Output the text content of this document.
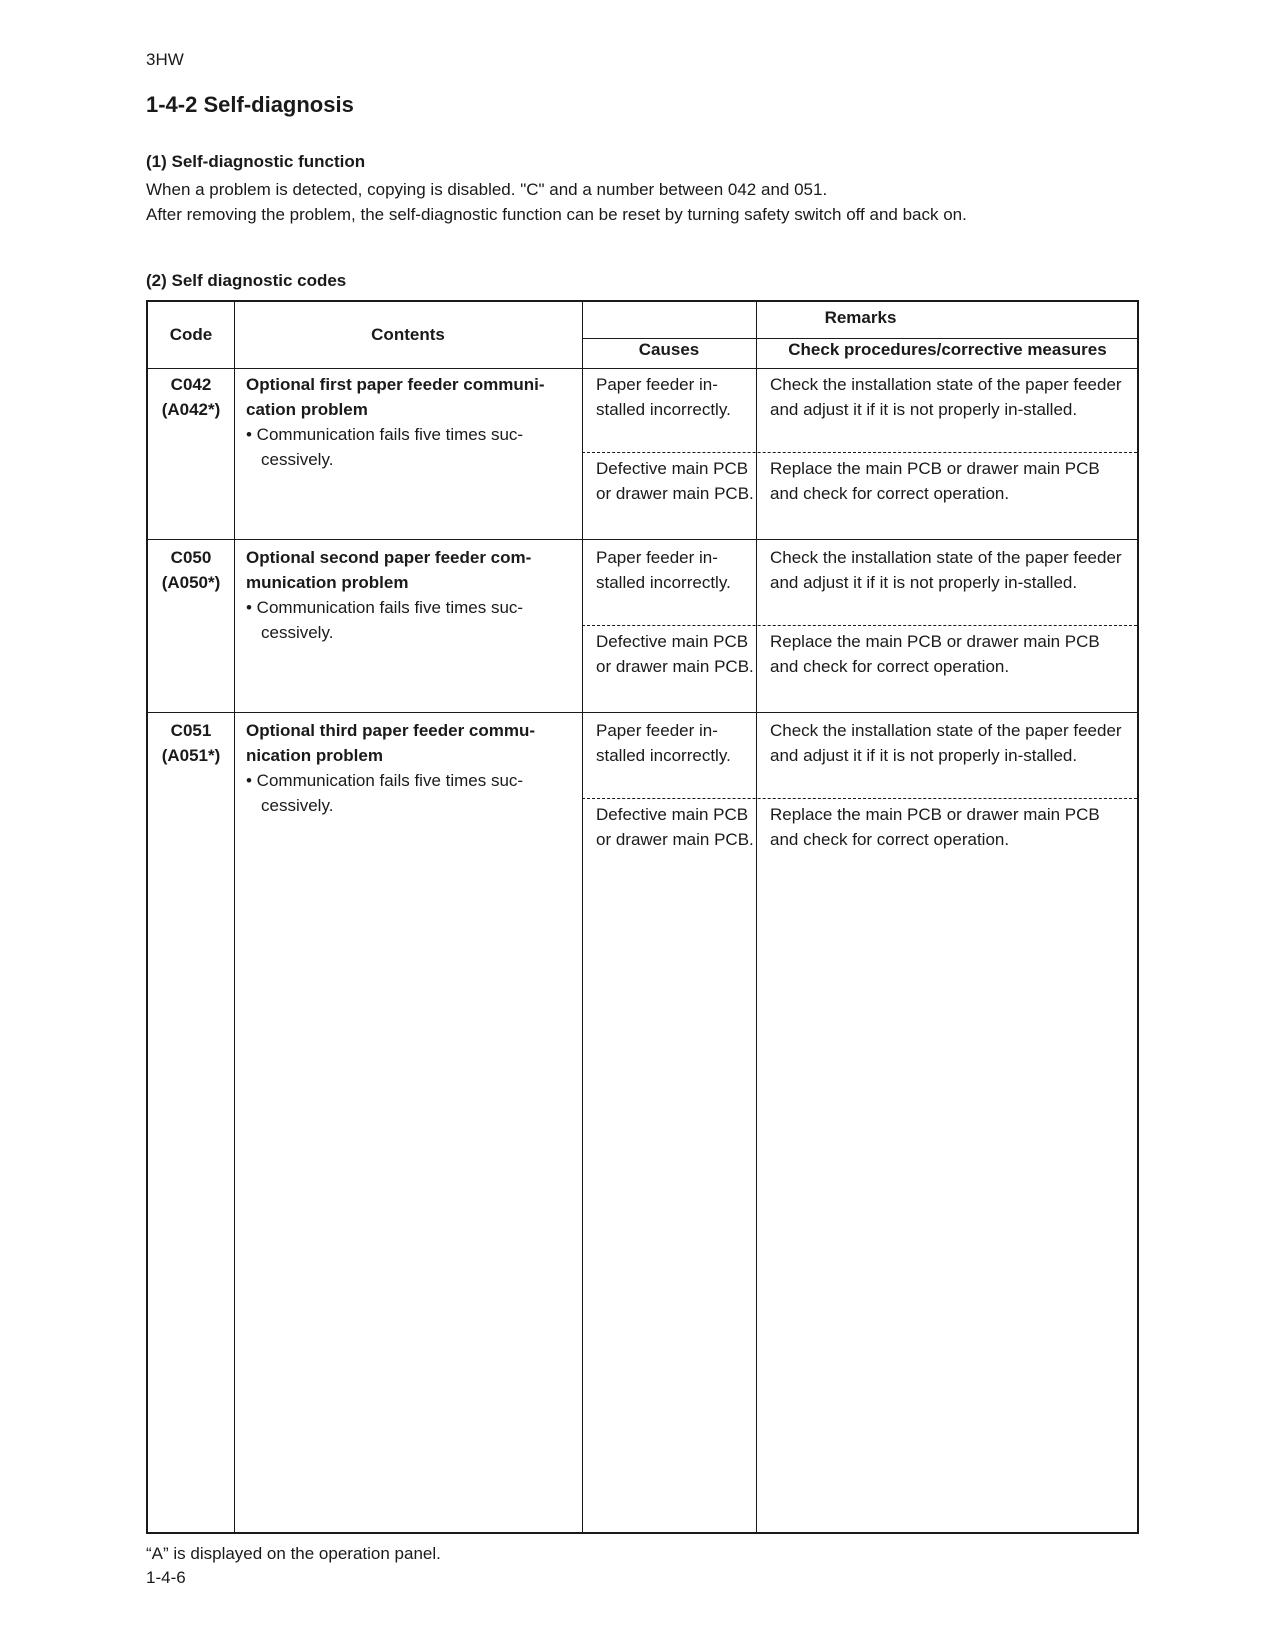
3HW
1-4-2 Self-diagnosis
(1) Self-diagnostic function

When a problem is detected, copying is disabled. "C" and a number between 042 and 051.

After removing the problem, the self-diagnostic function can be reset by turning safety switch off and back on.

(2) Self diagnostic codes
Code	Contents
Remarks
Causes	Check procedures/corrective measures
C042
(A042*)
Optional first paper feeder communi-cation problem
• Communication fails five times suc-cessively.
Paper feeder in-stalled incorrectly.
Check the installation state of the paper feeder and adjust it if it is not properly in-stalled.
Defective main PCB or drawer main PCB.
Replace the main PCB or drawer main PCB and check for correct operation.
C050
(A050*)
Optional second paper feeder com-munication problem
• Communication fails five times suc-cessively.
Paper feeder in-stalled incorrectly.
Check the installation state of the paper feeder and adjust it if it is not properly in-stalled.
Defective main PCB or drawer main PCB.
Replace the main PCB or drawer main PCB and check for correct operation.
C051
(A051*)
Optional third paper feeder commu-nication problem
• Communication fails five times suc-cessively.
Paper feeder in-stalled incorrectly.
Check the installation state of the paper feeder and adjust it if it is not properly in-stalled.
Defective main PCB or drawer main PCB.
Replace the main PCB or drawer main PCB and check for correct operation.
“A” is displayed on the operation panel.
1-4-6
